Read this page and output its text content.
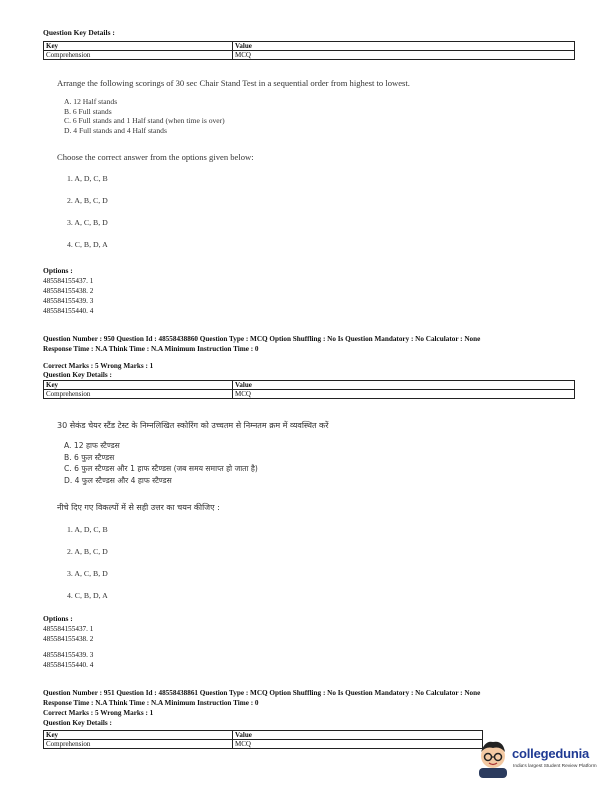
Question Key Details :
Key	Value
Comprehension	MCQ
Arrange the following scorings of 30 sec Chair Stand Test in a sequential order from highest to lowest.
A. 12 Half stands
B. 6 Full stands
C. 6 Full stands and 1 Half stand (when time is over)
D. 4 Full stands and 4 Half stands
Choose the correct answer from the options given below:
1. A, D, C, B
2. A, B, C, D
3. A, C, B, D
4. C, B, D, A
Options :
485584155437. 1
485584155438. 2
485584155439. 3
485584155440. 4
Question Number : 950 Question Id : 48558438860 Question Type : MCQ Option Shuffling : No Is Question Mandatory : No Calculator : None
Response Time : N.A Think Time : N.A Minimum Instruction Time : 0
Correct Marks : 5 Wrong Marks : 1
Question Key Details :
Key	Value
Comprehension	MCQ
30 सेकंड चेयर स्टैंड टेस्ट के निम्नलिखित स्कोरिंग को उच्चतम से निम्नतम क्रम में व्यवस्थित करें
A. 12 हाफ स्टैण्डस
B. 6 फुल स्टैण्डस
C. 6 फुल स्टैण्डस और 1 हाफ स्टैण्डस (जब समय समाप्त हो जाता है)
D. 4 फुल स्टैण्डस और 4 हाफ स्टैण्डस
नीचे दिए गए विकल्पों में से सही उत्तर का चयन कीजिए :
1. A, D, C, B
2. A, B, C, D
3. A, C, B, D
4. C, B, D, A
Options :
485584155437. 1
485584155438. 2
485584155439. 3
485584155440. 4
Question Number : 951 Question Id : 48558438861 Question Type : MCQ Option Shuffling : No Is Question Mandatory : No Calculator : None
Response Time : N.A Think Time : N.A Minimum Instruction Time : 0
Correct Marks : 5 Wrong Marks : 1
Question Key Details :
Key	Value
Comprehension	MCQ
collegedunia
India's largest Student Review Platform
